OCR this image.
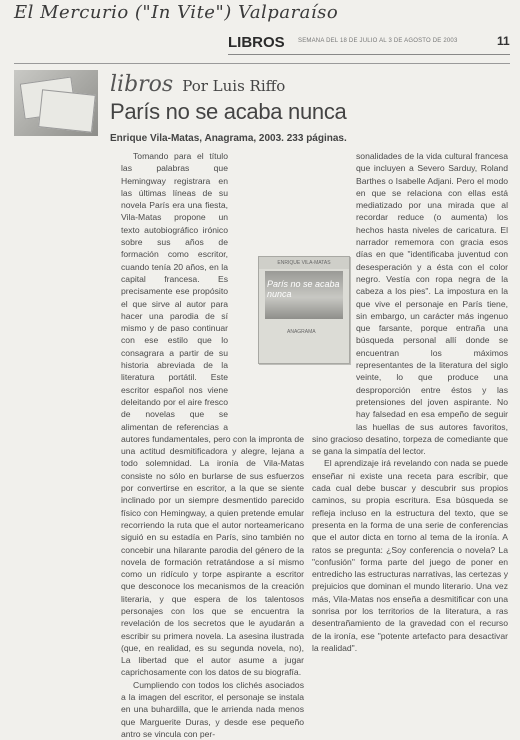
El Mercurio ("In Vite") Valparaíso
LIBROS SEMANA DEL 18 DE JULIO AL 3 DE AGOSTO DE 2003	11
libros Por Luis Riffo
París no se acaba nunca
Enrique Vila-Matas, Anagrama, 2003. 233 páginas.

Tomando para el título las palabras que Hemingway registrara en las últimas líneas de su novela París era una fiesta, Vila-Matas propone un texto autobiográfico irónico sobre sus años de formación como escritor, cuando tenía 20 años, en la capital francesa. Es precisamente ese propósito el que sirve al autor para hacer una parodia de sí mismo y de paso continuar con ese estilo que lo consagrara a partir de su historia abreviada de la literatura portátil. Este escritor español nos viene deleitando por el aire fresco de novelas que se alimentan de referencias a autores fundamentales, pero con la impronta de una actitud desmitificadora y alegre, lejana a todo solemnidad. La ironía de Vila-Matas consiste no sólo en burlarse de sus esfuerzos por convertirse en escritor, a la que se siente inclinado por un siempre desmentido parecido físico con Hemingway, a quien pretende emular recorriendo la ruta que el autor norteamericano siguió en su estadía en París, sino también no concebir una hilarante parodia del género de la novela de formación retratándose a sí mismo como un ridículo y torpe aspirante a escritor que desconoce los mecanismos de la creación literaria, y que espera de los talentosos personajes con los que se encuentra la revelación de los secretos que le ayudarán a escribir su primera novela. La asesina ilustrada (que, en realidad, es su segunda novela, no), La libertad que el autor asume a jugar caprichosamente con los datos de su biografía.

Cumpliendo con todos los clichés asociados a la imagen del escritor, el personaje se instala en una buhardilla, que le arrienda nada menos que Marguerite Duras, y desde ese pequeño antro se vincula con per-

sonalidades de la vida cultural francesa que incluyen a Severo Sarduy, Roland Barthes o Isabelle Adjani. Pero el modo en que se relaciona con ellas está mediatizado por una mirada que al recordar reduce (o aumenta) los hechos hasta niveles de caricatura. El narrador rememora con gracia esos días en que "identificaba juventud con desesperación y a ésta con el color negro. Vestía con ropa negra de la cabeza a los pies". La impostura en la que vive el personaje en París tiene, sin embargo, un carácter más ingenuo que farsante, porque entraña una búsqueda personal allí donde se encuentran los máximos representantes de la literatura del siglo veinte, lo que produce una desproporción entre éstos y las pretensiones del joven aspirante. No hay falsedad en esa empeño de seguir las huellas de sus autores favoritos, sino gracioso desatino, torpeza de comediante que se gana la simpatía del lector.

El aprendizaje irá revelando con nada se puede enseñar ni existe una receta para escribir, que cada cual debe buscar y descubrir sus propios caminos, su propia escritura. Esa búsqueda se refleja incluso en la estructura del texto, que se presenta en la forma de una serie de conferencias que el autor dicta en torno al tema de la ironía. A ratos se pregunta: ¿Soy conferencia o novela? La "confusión" forma parte del juego de poner en entredicho las estructuras narrativas, las certezas y prejuicios que dominan el mundo literario. Una vez más, Vila-Matas nos enseña a desmitificar con una sonrisa por los territorios de la literatura, a ras desentrañamiento de la gravedad con el recurso de la ironía, ese "potente artefacto para desactivar la realidad".

ENRIQUE VILA-MATAS
París no se acaba nunca
ANAGRAMA
